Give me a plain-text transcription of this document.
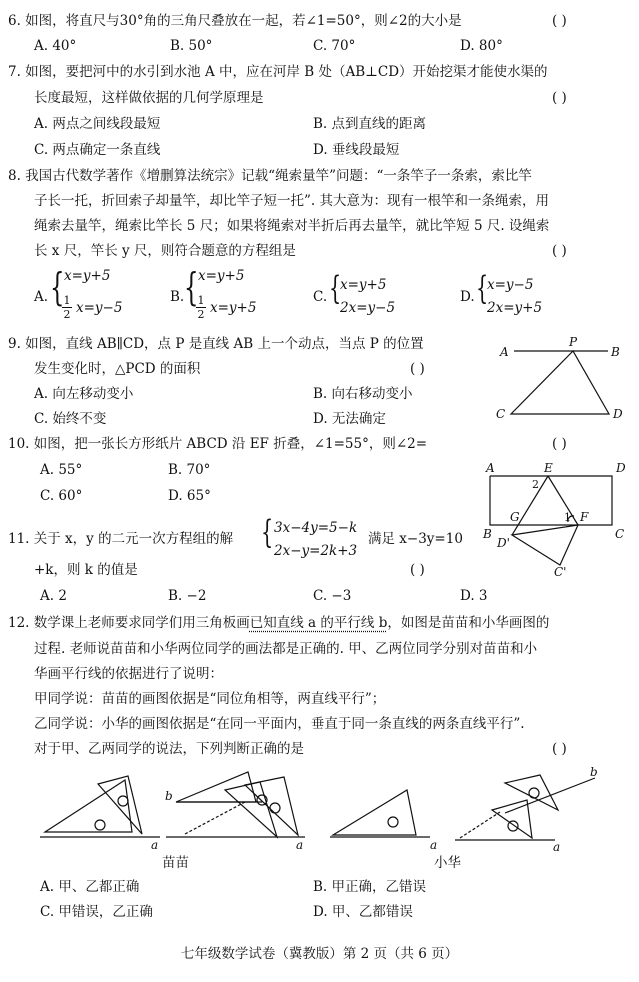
6. 如图，将直尺与30°角的三角尺叠放在一起，若∠1=50°，则∠2的大小是	( )
A. 40°	B. 50°	C. 70°	D. 80°
7. 如图，要把河中的水引到水池 A 中，应在河岸 B 处（AB⊥CD）开始挖渠才能使水渠的
长度最短，这样做依据的几何学原理是	( )
A. 两点之间线段最短	B. 点到直线的距离
C. 两点确定一条直线	D. 垂线段最短
8. 我国古代数学著作《增删算法统宗》记载“绳索量竿”问题：“一条竿子一条索，索比竿
子长一托，折回索子却量竿，却比竿子短一托”. 其大意为：现有一根竿和一条绳索，用
绳索去量竿，绳索比竿长 5 尺；如果将绳索对半折后再去量竿，就比竿短 5 尺. 设绳索
长 x 尺，竿长 y 尺，则符合题意的方程组是	( )
A. { x=y+5
$\frac{1}{2} x=y-5$
B. { x=y+5
$\frac{1}{2} x=y+5$
C. {
x=y+5
2x=y−5
D. {
x=y−5
2x=y+5
9. 如图，直线 AB∥CD，点 P 是直线 AB 上一个动点，当点 P 的位置
发生变化时，△PCD 的面积	( )
A. 向左移动变小	B. 向右移动变小
C. 始终不变	D. 无法确定
10. 如图，把一张长方形纸片 ABCD 沿 EF 折叠，∠1=55°，则∠2=	( )
A. 55°	B. 70°
C. 60°	D. 65°
11. 关于 x，y 的二元一次方程组的解 { 3x−4y=5−k
2x−y=2k+3
满足 x−3y=10
+k，则 k 的值是	( )
A. 2	B. −2	C. −3	D. 3
12. 数学课上老师要求同学们用三角板画已知直线 a 的平行线 b，如图是苗苗和小华画图的
过程. 老师说苗苗和小华两位同学的画法都是正确的. 甲、乙两位同学分别对苗苗和小
华画平行线的依据进行了说明：
甲同学说：苗苗的画图依据是“同位角相等，两直线平行”；
乙同学说：小华的画图依据是“在同一平面内，垂直于同一条直线的两条直线平行”.
对于甲、乙两同学的说法，下列判断正确的是	( )
苗苗	小华
A. 甲、乙都正确	B. 甲正确，乙错误
C. 甲错误，乙正确	D. 甲、乙都错误
七年级数学试卷（冀教版）第 2 页（共 6 页）
A
P
B
C	D
A	E	D
2
1
B
G	F
C
D'
C'
a
b
a	a
b
a
